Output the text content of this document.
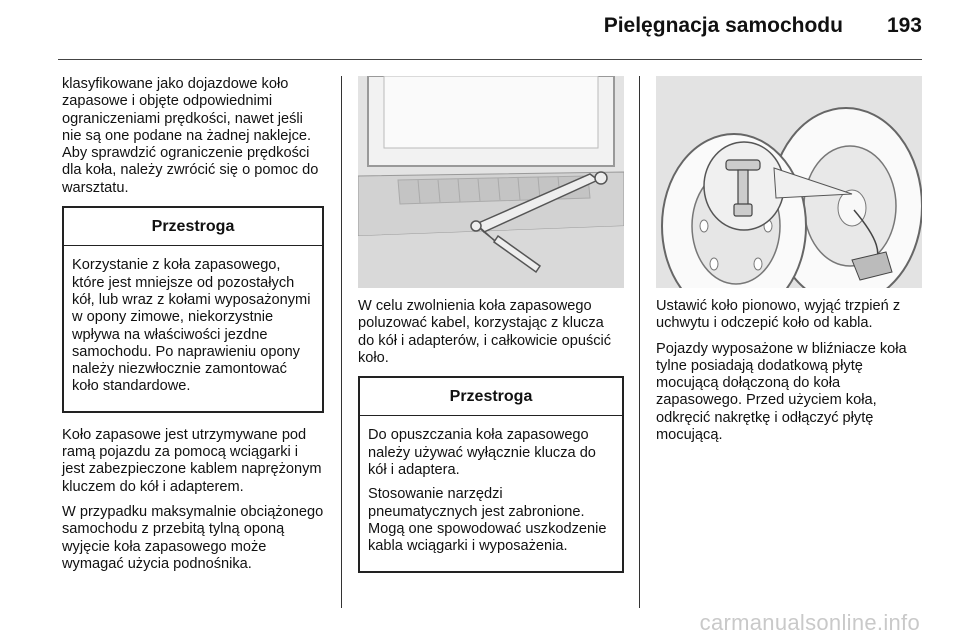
Pielęgnacja samochodu 193

klasyfikowane jako dojazdowe koło zapasowe i objęte odpowiednimi ograniczeniami prędkości, nawet jeśli nie są one podane na żadnej naklejce. Aby sprawdzić ograniczenie prędkości dla koła, należy zwrócić się o pomoc do warsztatu.

Przestroga

Korzystanie z koła zapasowego, które jest mniejsze od pozostałych kół, lub wraz z kołami wyposażonymi w opony zimowe, niekorzystnie wpływa na właściwości jezdne samochodu. Po naprawieniu opony należy niezwłocznie zamontować koło standardowe.

Koło zapasowe jest utrzymywane pod ramą pojazdu za pomocą wciągarki i jest zabezpieczone kablem naprężonym kluczem do kół i adapterem.

W przypadku maksymalnie obciążonego samochodu z przebitą tylną oponą wyjęcie koła zapasowego może wymagać użycia podnośnika.

W celu zwolnienia koła zapasowego poluzować kabel, korzystając z klucza do kół i adapterów, i całkowicie opuścić koło.

Przestroga

Do opuszczania koła zapasowego należy używać wyłącznie klucza do kół i adaptera.

Stosowanie narzędzi pneumatycznych jest zabronione. Mogą one spowodować uszkodzenie kabla wciągarki i wyposażenia.

Ustawić koło pionowo, wyjąć trzpień z uchwytu i odczepić koło od kabla.

Pojazdy wyposażone w bliźniacze koła tylne posiadają dodatkową płytę mocującą dołączoną do koła zapasowego. Przed użyciem koła, odkręcić nakrętkę i odłączyć płytę mocującą.

carmanualsonline.info
